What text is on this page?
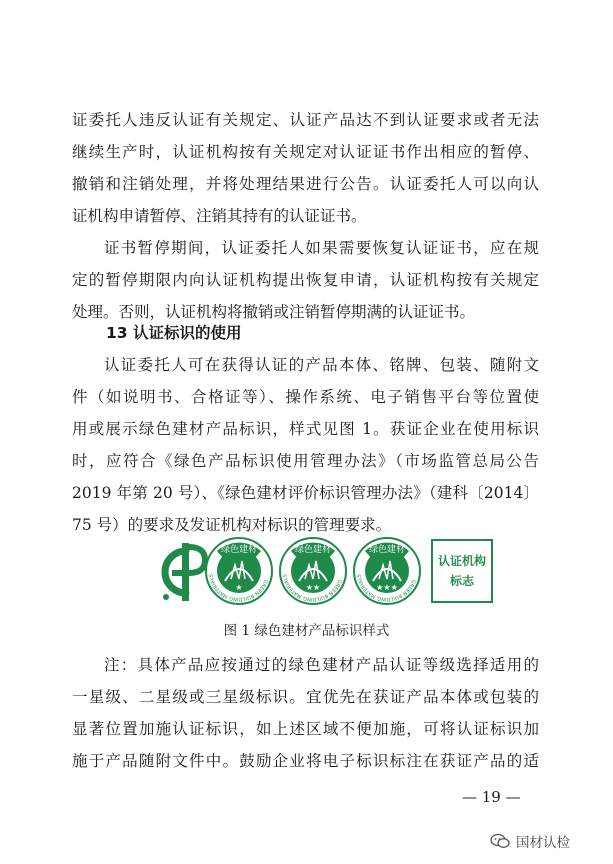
证委托人违反认证有关规定、认证产品达不到认证要求或者无法
继续生产时，认证机构按有关规定对认证证书作出相应的暂停、
撤销和注销处理，并将处理结果进行公告。认证委托人可以向认
证机构申请暂停、注销其持有的认证证书。
证书暂停期间，认证委托人如果需要恢复认证证书，应在规
定的暂停期限内向认证机构提出恢复申请，认证机构按有关规定
处理。否则，认证机构将撤销或注销暂停期满的认证证书。
13 认证标识的使用
认证委托人可在获得认证的产品本体、铭牌、包装、随附文
件（如说明书、合格证等）、操作系统、电子销售平台等位置使
用或展示绿色建材产品标识，样式见图 1。获证企业在使用标识
时，应符合《绿色产品标识使用管理办法》（市场监管总局公告
2019 年第 20 号）、《绿色建材评价标识管理办法》（建科〔2014〕
75 号）的要求及发证机构对标识的管理要求。
绿色建材
GREEN BUILDING MATERIALS
★
绿色建材
GREEN BUILDING MATERIALS
★★
绿色建材
GREEN BUILDING MATERIALS
★★★
认证机构
标志
图 1 绿色建材产品标识样式
注：具体产品应按通过的绿色建材产品认证等级选择适用的
一星级、二星级或三星级标识。宜优先在获证产品本体或包装的
显著位置加施认证标识，如上述区域不便加施，可将认证标识加
施于产品随附文件中。鼓励企业将电子标识标注在获证产品的适
— 19 —
国材认检
